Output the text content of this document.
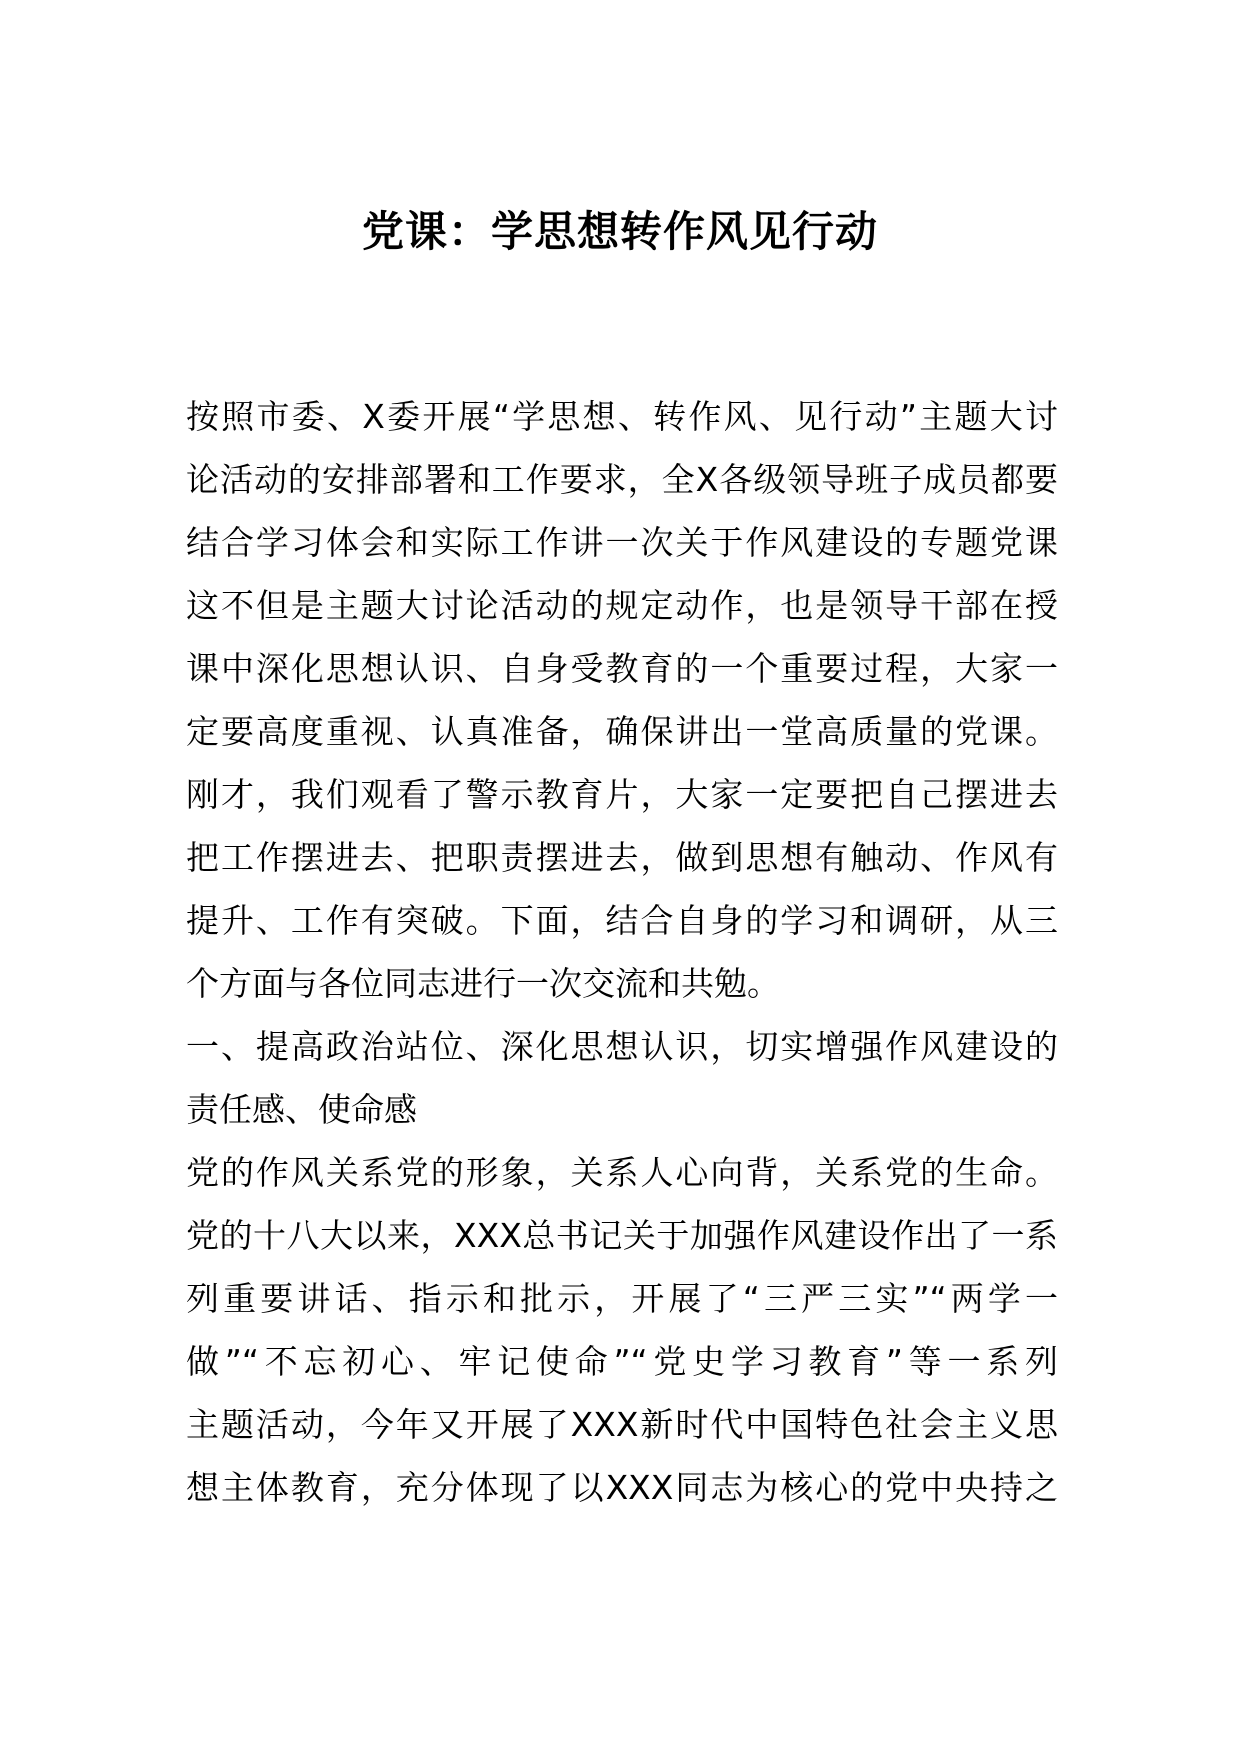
党课：学思想转作风见行动
按照市委、X委开展“学思想、转作风、见行动”主题大讨
论活动的安排部署和工作要求，全X各级领导班子成员都要
结合学习体会和实际工作讲一次关于作风建设的专题党课
这不但是主题大讨论活动的规定动作，也是领导干部在授
课中深化思想认识、自身受教育的一个重要过程，大家一
定要高度重视、认真准备，确保讲出一堂高质量的党课。
刚才，我们观看了警示教育片，大家一定要把自己摆进去
把工作摆进去、把职责摆进去，做到思想有触动、作风有
提升、工作有突破。下面，结合自身的学习和调研，从三
个方面与各位同志进行一次交流和共勉。
一、提高政治站位、深化思想认识，切实增强作风建设的
责任感、使命感
党的作风关系党的形象，关系人心向背，关系党的生命。
党的十八大以来，XXX总书记关于加强作风建设作出了一系
列重要讲话、指示和批示，开展了“三严三实”“两学一
做”“不忘初心、牢记使命”“党史学习教育”等一系列
主题活动，今年又开展了XXX新时代中国特色社会主义思
想主体教育，充分体现了以XXX同志为核心的党中央持之
